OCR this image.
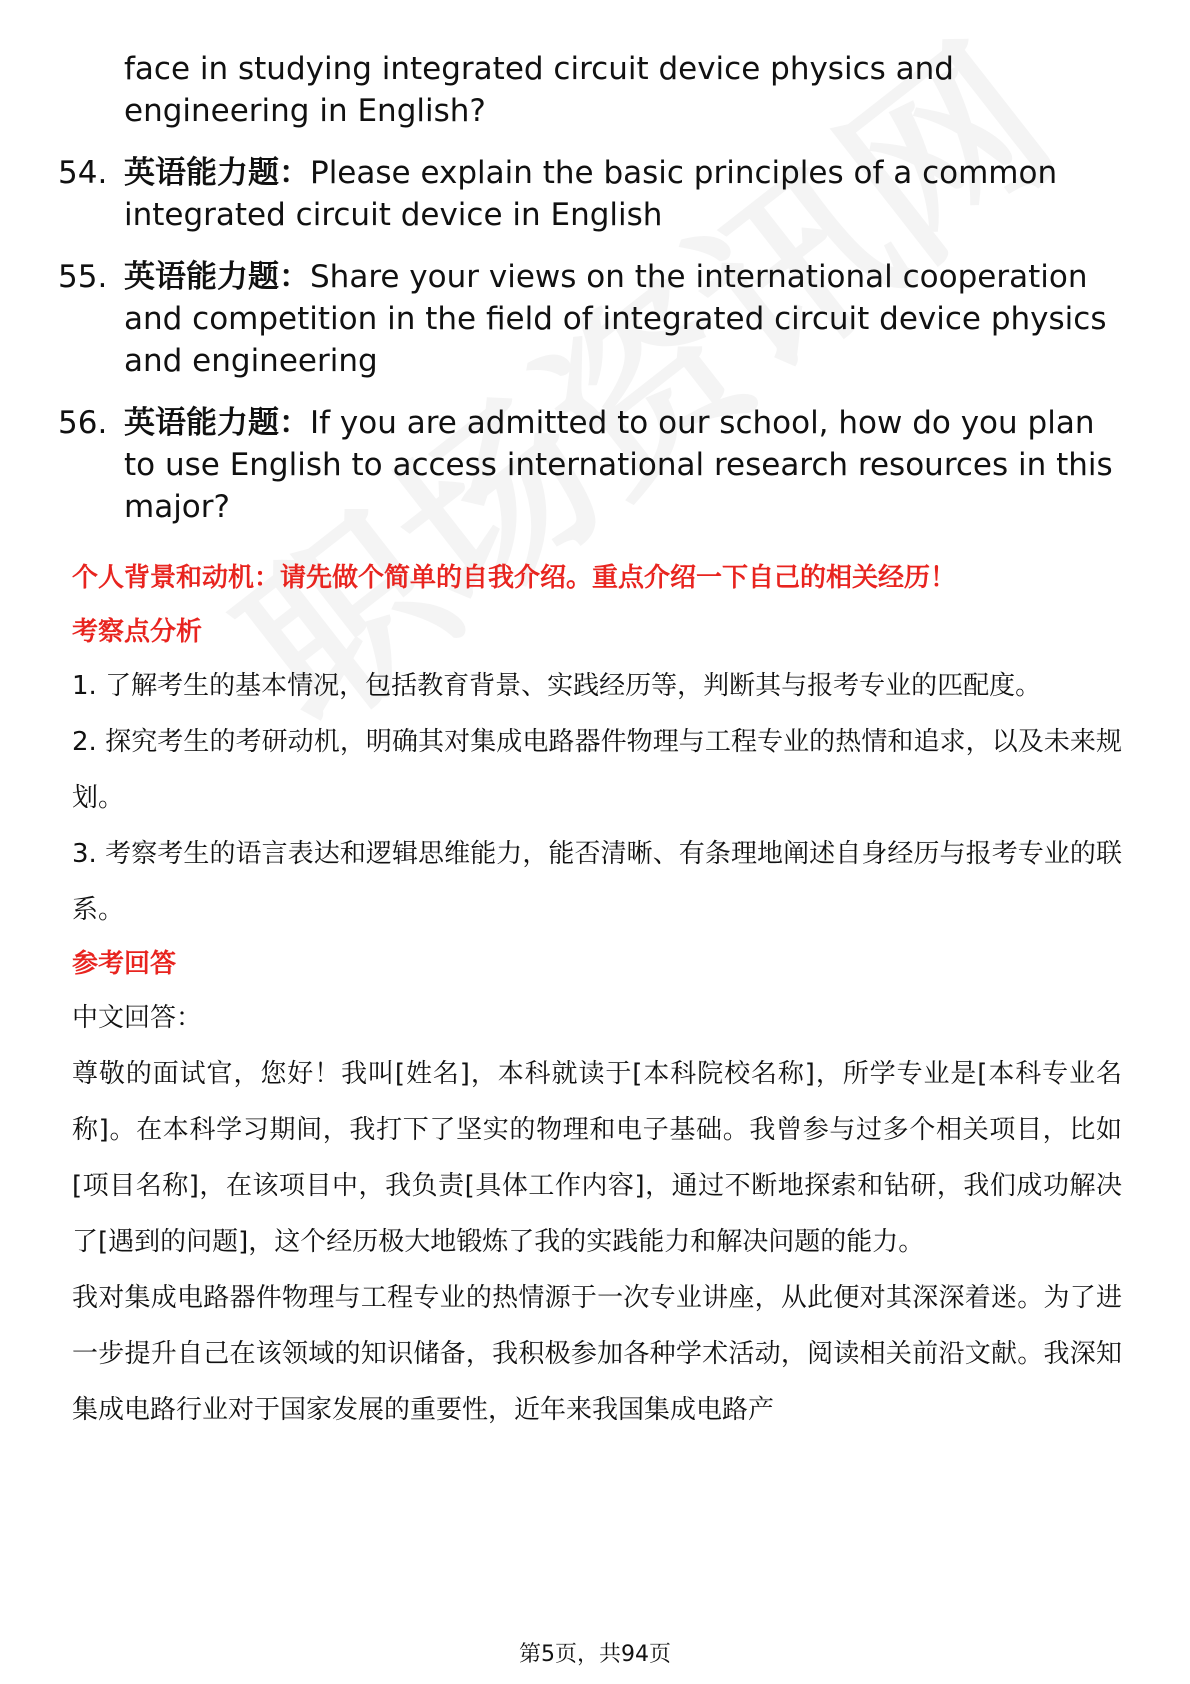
face in studying integrated circuit device physics and engineering in English?
54. 英语能力题：Please explain the basic principles of a common integrated circuit device in English
55. 英语能力题：Share your views on the international cooperation and competition in the field of integrated circuit device physics and engineering
56. 英语能力题：If you are admitted to our school, how do you plan to use English to access international research resources in this major?

个人背景和动机：请先做个简单的自我介绍。重点介绍一下自己的相关经历！

考察点分析

1. 了解考生的基本情况，包括教育背景、实践经历等，判断其与报考专业的匹配度。

2. 探究考生的考研动机，明确其对集成电路器件物理与工程专业的热情和追求，以及未来规划。

3. 考察考生的语言表达和逻辑思维能力，能否清晰、有条理地阐述自身经历与报考专业的联系。

参考回答

中文回答：

尊敬的面试官，您好！我叫[姓名]，本科就读于[本科院校名称]，所学专业是[本科专业名称]。在本科学习期间，我打下了坚实的物理和电子基础。我曾参与过多个相关项目，比如[项目名称]，在该项目中，我负责[具体工作内容]，通过不断地探索和钻研，我们成功解决了[遇到的问题]，这个经历极大地锻炼了我的实践能力和解决问题的能力。

我对集成电路器件物理与工程专业的热情源于一次专业讲座，从此便对其深深着迷。为了进一步提升自己在该领域的知识储备，我积极参加各种学术活动，阅读相关前沿文献。我深知集成电路行业对于国家发展的重要性，近年来我国集成电路产

第5页，共94页
